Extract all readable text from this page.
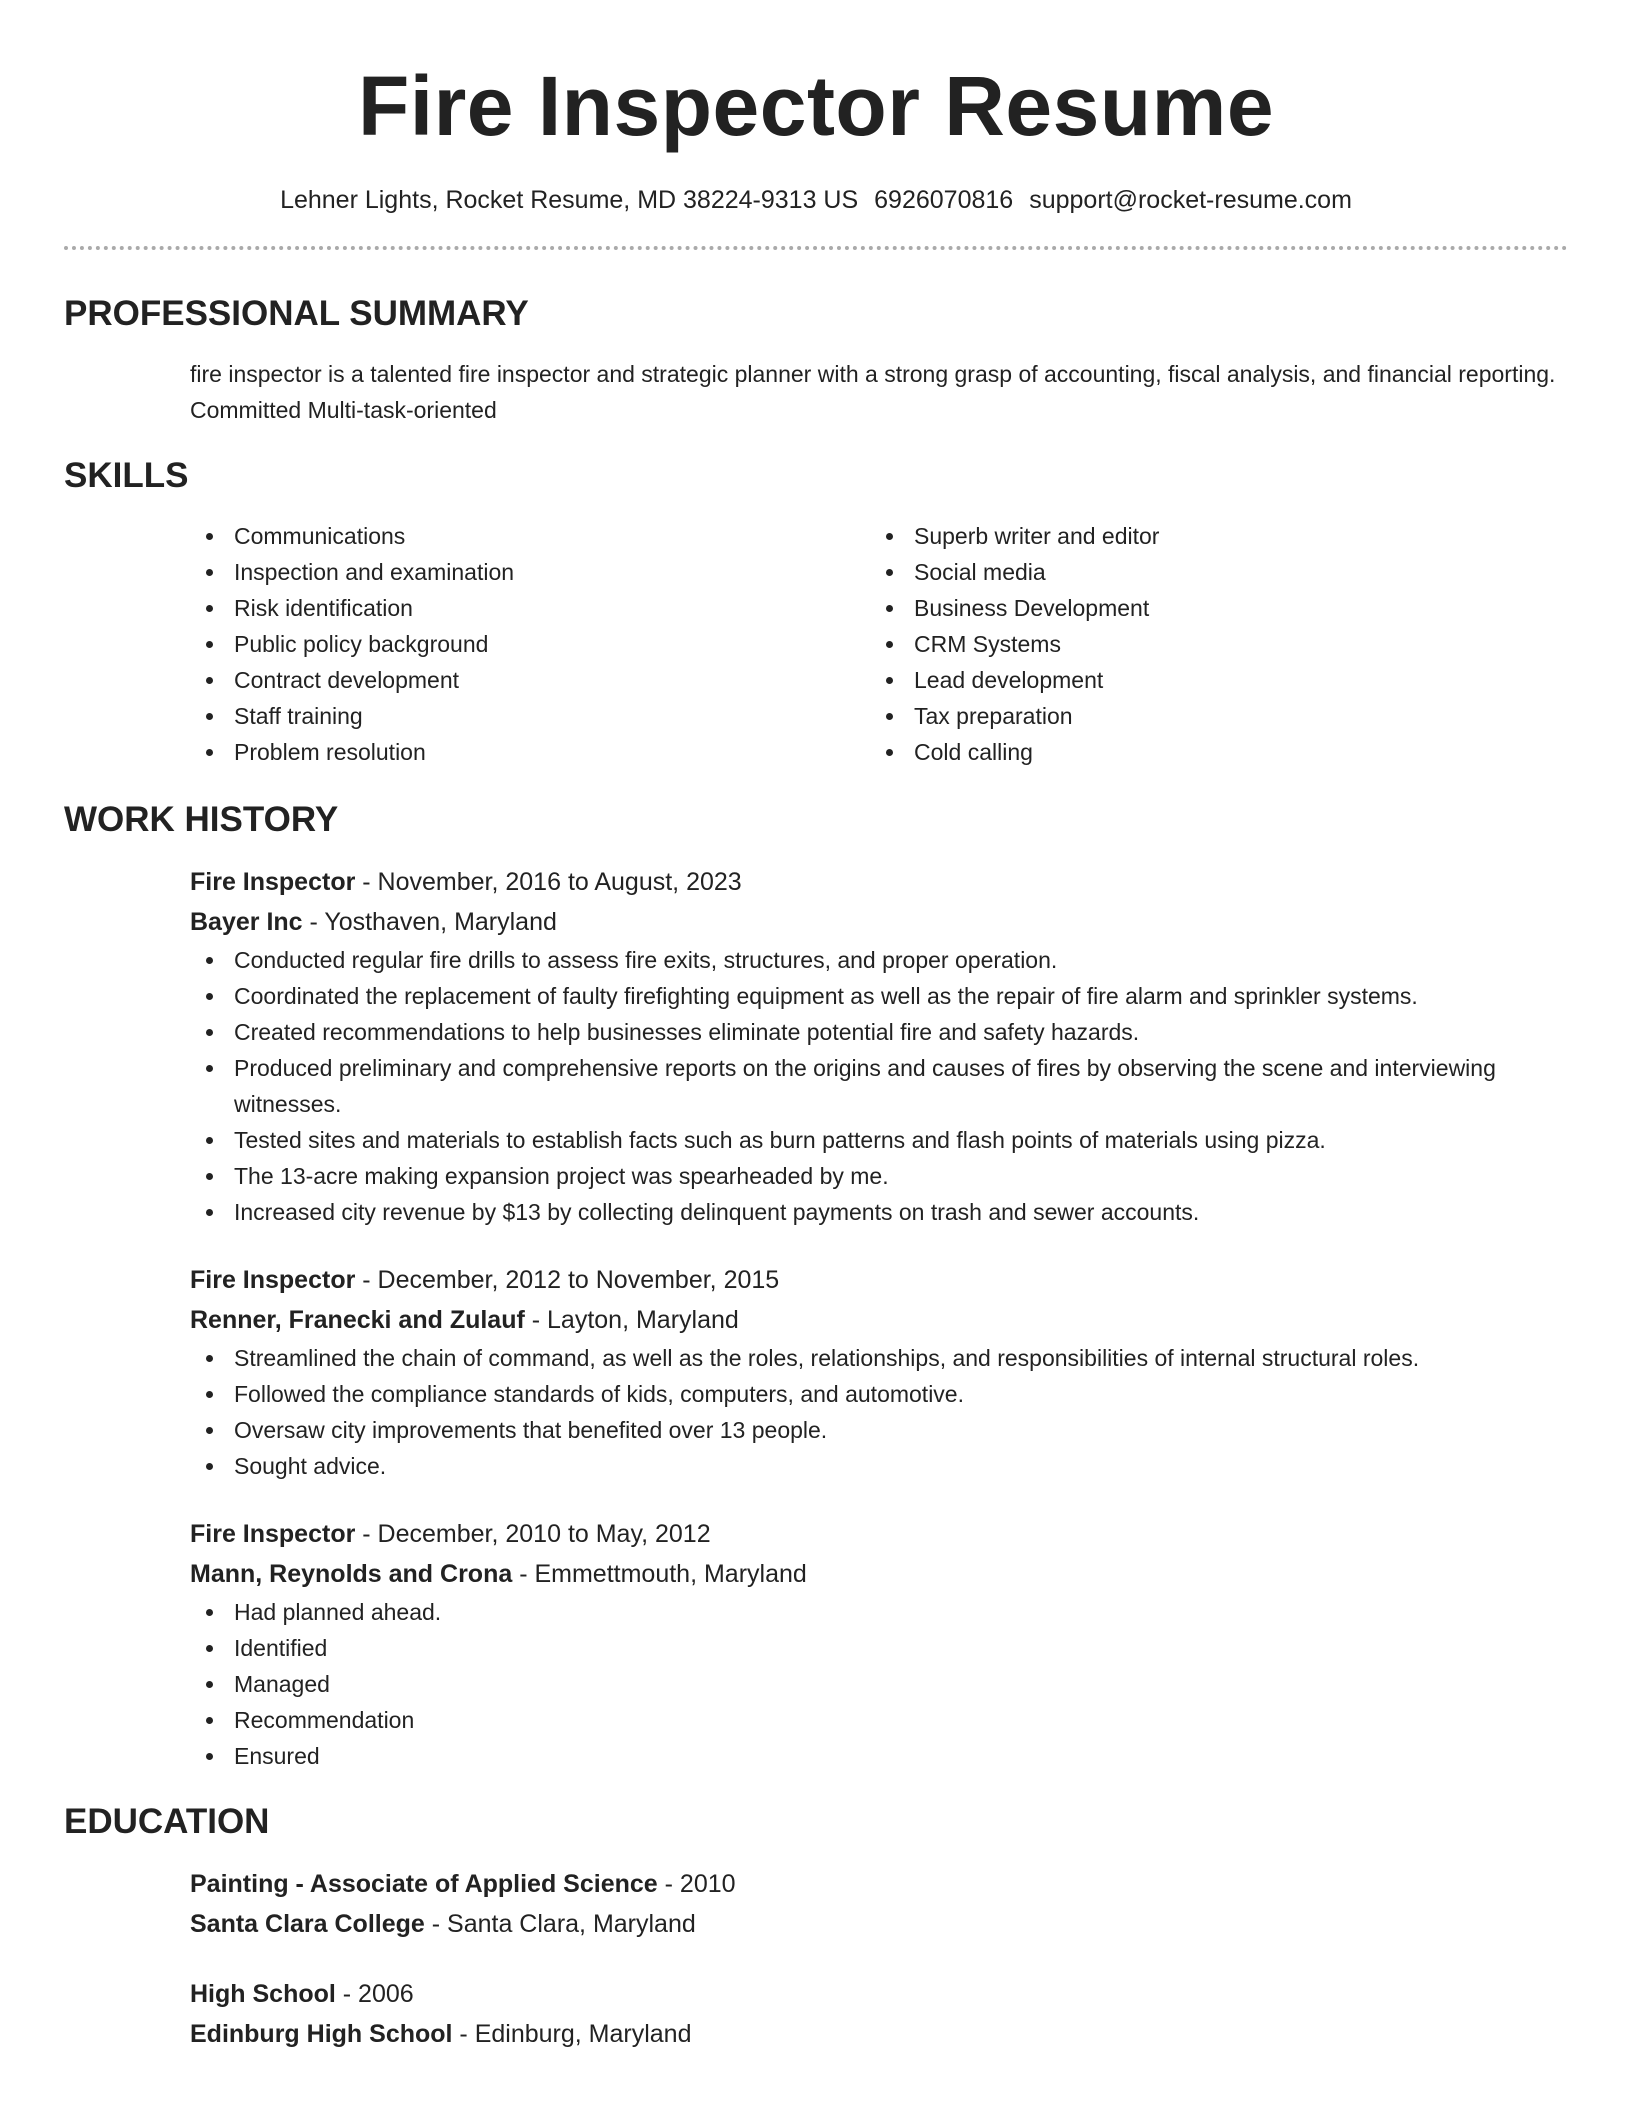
Fire Inspector Resume
Lehner Lights, Rocket Resume, MD 38224-9313 US 6926070816 support@rocket-resume.com
PROFESSIONAL SUMMARY
fire inspector is a talented fire inspector and strategic planner with a strong grasp of accounting, fiscal analysis, and financial reporting. Committed Multi-task-oriented
SKILLS
Communications
Inspection and examination
Risk identification
Public policy background
Contract development
Staff training
Problem resolution
Superb writer and editor
Social media
Business Development
CRM Systems
Lead development
Tax preparation
Cold calling
WORK HISTORY
Fire Inspector - November, 2016 to August, 2023
Bayer Inc - Yosthaven, Maryland
Conducted regular fire drills to assess fire exits, structures, and proper operation.
Coordinated the replacement of faulty firefighting equipment as well as the repair of fire alarm and sprinkler systems.
Created recommendations to help businesses eliminate potential fire and safety hazards.
Produced preliminary and comprehensive reports on the origins and causes of fires by observing the scene and interviewing witnesses.
Tested sites and materials to establish facts such as burn patterns and flash points of materials using pizza.
The 13-acre making expansion project was spearheaded by me.
Increased city revenue by $13 by collecting delinquent payments on trash and sewer accounts.
Fire Inspector - December, 2012 to November, 2015
Renner, Franecki and Zulauf - Layton, Maryland
Streamlined the chain of command, as well as the roles, relationships, and responsibilities of internal structural roles.
Followed the compliance standards of kids, computers, and automotive.
Oversaw city improvements that benefited over 13 people.
Sought advice.
Fire Inspector - December, 2010 to May, 2012
Mann, Reynolds and Crona - Emmettmouth, Maryland
Had planned ahead.
Identified
Managed
Recommendation
Ensured
EDUCATION
Painting - Associate of Applied Science - 2010
Santa Clara College - Santa Clara, Maryland
High School - 2006
Edinburg High School - Edinburg, Maryland
